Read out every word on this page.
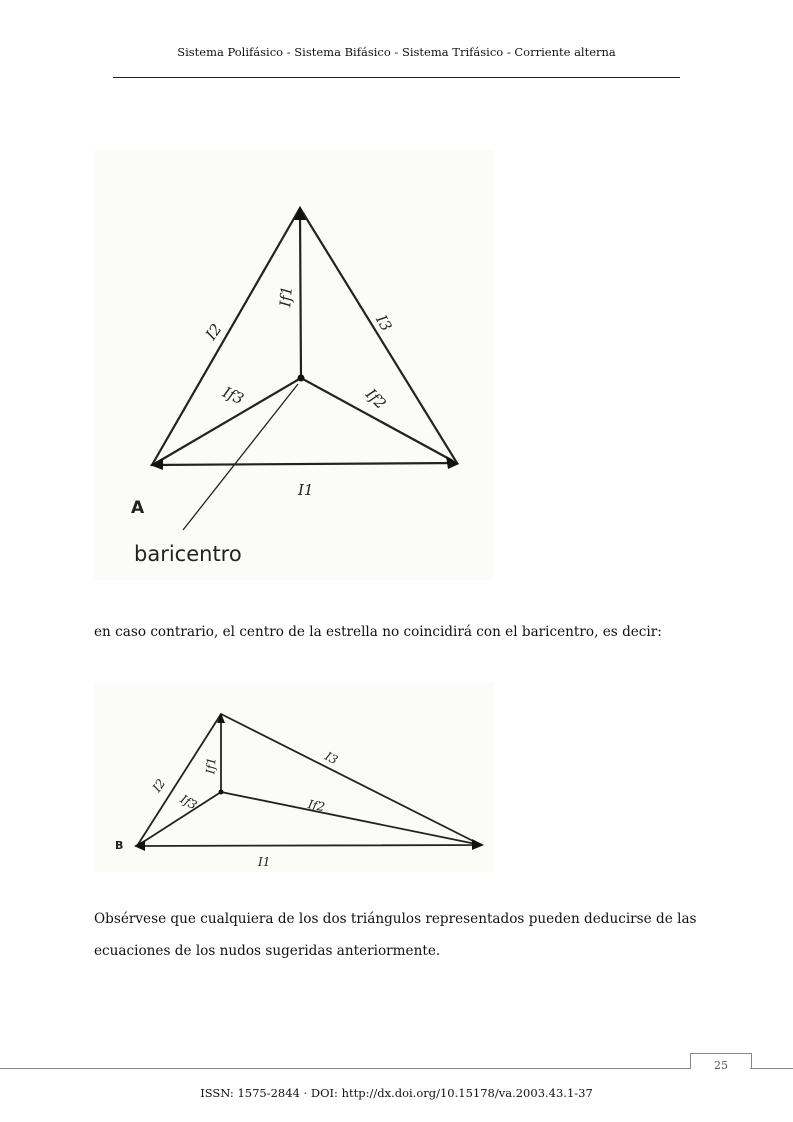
Sistema Polifásico - Sistema Bifásico - Sistema Trifásico - Corriente alterna
I1
I2	I3
If1
If3	If2
A
baricentro
en caso contrario, el centro de la estrella no coincidirá con el baricentro, es decir:
I1
I2
I3
If1
If3	If2
B
Obsérvese que cualquiera de los dos triángulos representados pueden deducirse de las ecuaciones de los nudos sugeridas anteriormente.
25
ISSN: 1575-2844 · DOI: http://dx.doi.org/10.15178/va.2003.43.1-37
